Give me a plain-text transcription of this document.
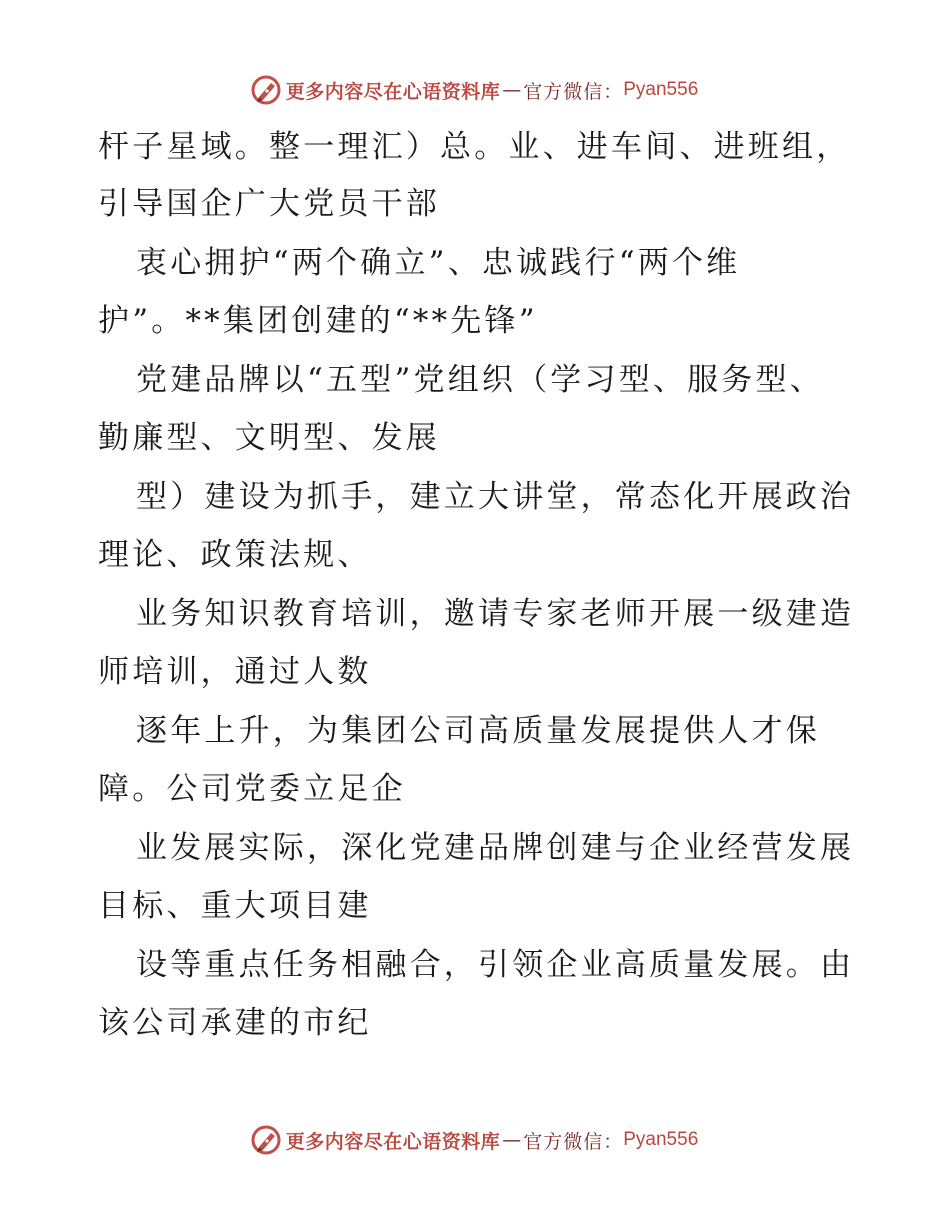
更多内容尽在心语资料库 — 官方微信： Pyan556
杆子星域。整一理汇）总。业、进车间、进班组，
引导国企广大党员干部
衷心拥护“两个确立”、忠诚践行“两个维
护”。**集团创建的“**先锋”
党建品牌以“五型”党组织（学习型、服务型、
勤廉型、文明型、发展
型）建设为抓手，建立大讲堂，常态化开展政治
理论、政策法规、
业务知识教育培训，邀请专家老师开展一级建造
师培训，通过人数
逐年上升，为集团公司高质量发展提供人才保
障。公司党委立足企
业发展实际，深化党建品牌创建与企业经营发展
目标、重大项目建
设等重点任务相融合，引领企业高质量发展。由
该公司承建的市纪
更多内容尽在心语资料库 — 官方微信： Pyan556
